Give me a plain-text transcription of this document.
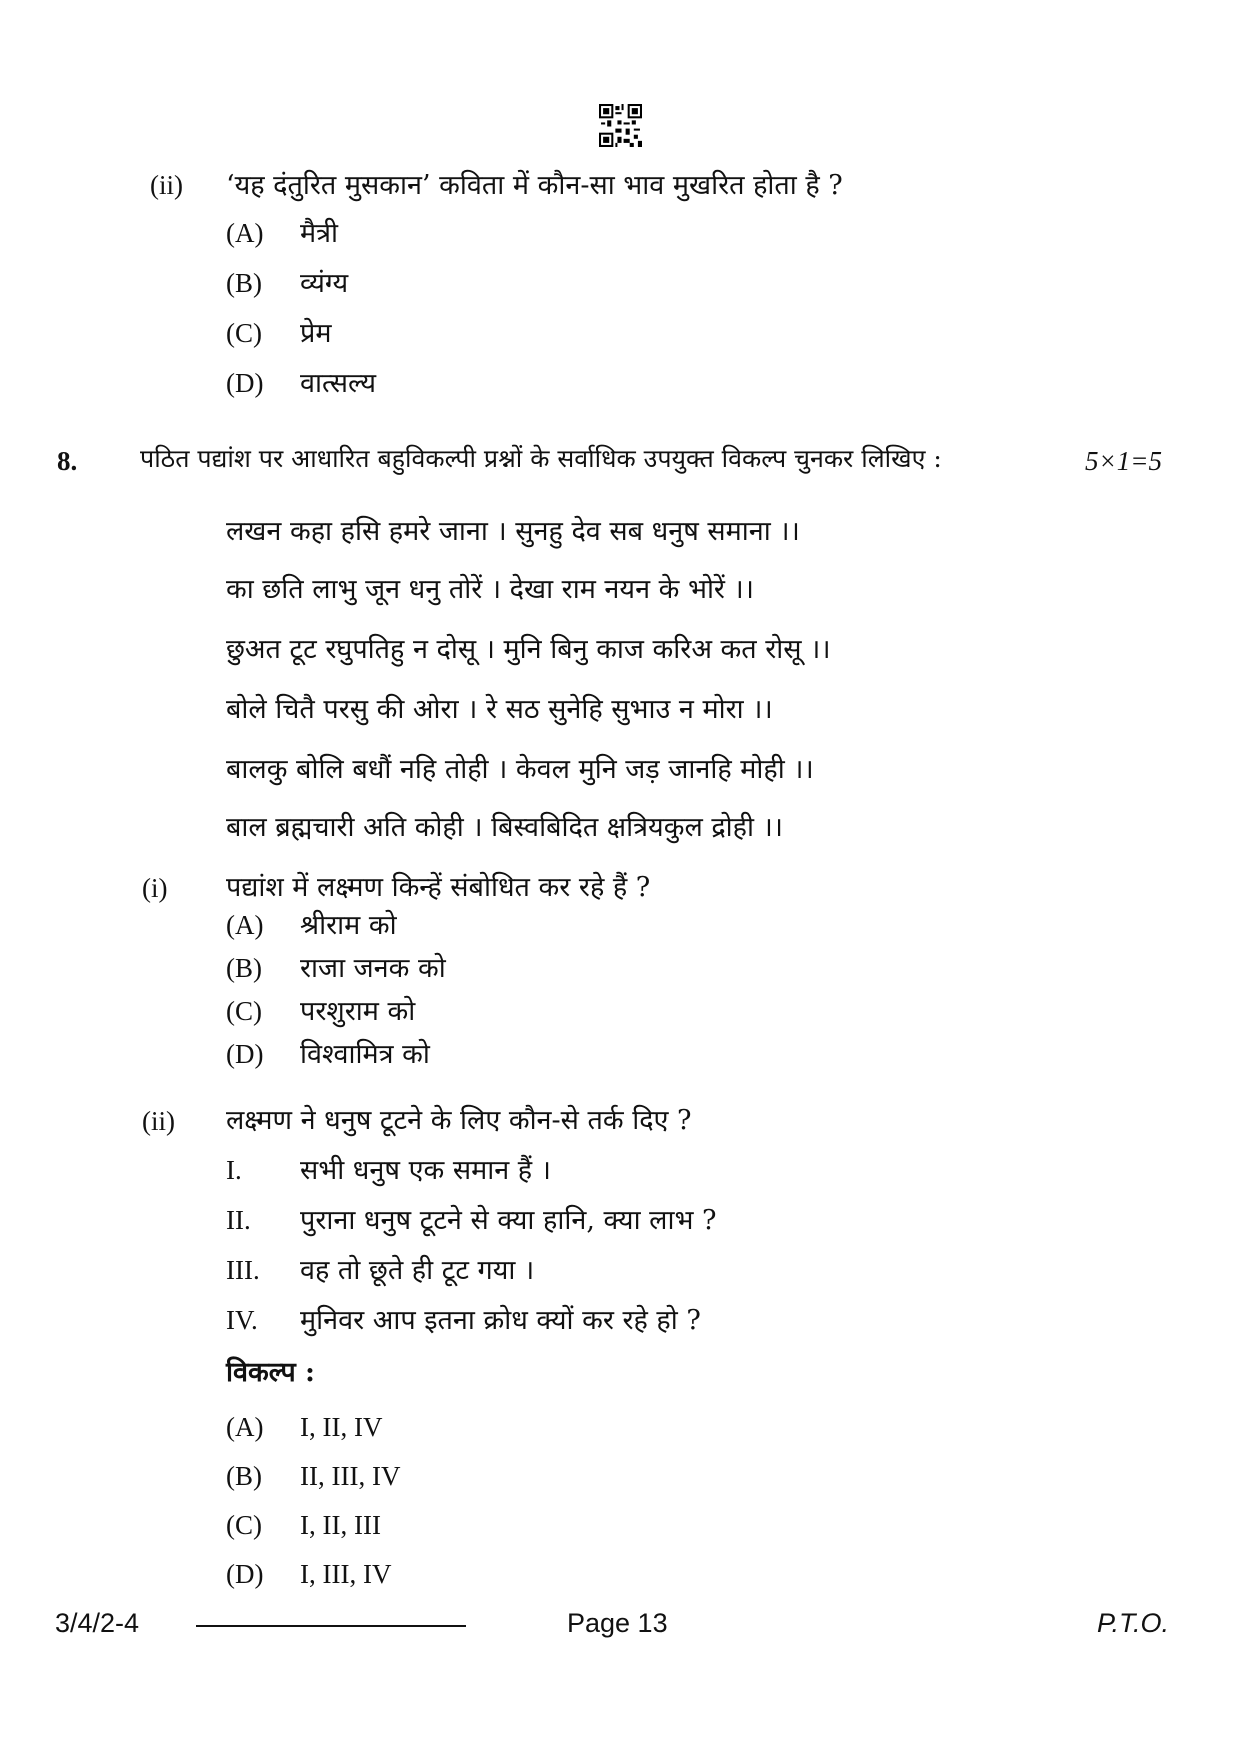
(ii) ‘यह दंतुरित मुसकान’ कविता में कौन-सा भाव मुखरित होता है ?
(A) मैत्री
(B) व्यंग्य
(C) प्रेम
(D) वात्सल्य
8.	पठित पद्यांश पर आधारित बहुविकल्पी प्रश्नों के सर्वाधिक उपयुक्त विकल्प चुनकर लिखिए :	5×1=5
लखन कहा हसि हमरे जाना । सुनहु देव सब धनुष समाना ।।
का छति लाभु जून धनु तोरें । देखा राम नयन के भोरें ।।
छुअत टूट रघुपतिहु न दोसू । मुनि बिनु काज करिअ कत रोसू ।।
बोले चितै परसु की ओरा । रे सठ सुनेहि सुभाउ न मोरा ।।
बालकु बोलि बधौं नहि तोही । केवल मुनि जड़ जानहि मोही ।।
बाल ब्रह्मचारी अति कोही । बिस्वबिदित क्षत्रियकुल द्रोही ।।
(i) पद्यांश में लक्ष्मण किन्हें संबोधित कर रहे हैं ?
(A) श्रीराम को
(B) राजा जनक को
(C) परशुराम को
(D) विश्वामित्र को
(ii) लक्ष्मण ने धनुष टूटने के लिए कौन-से तर्क दिए ?
I. सभी धनुष एक समान हैं ।
II. पुराना धनुष टूटने से क्या हानि, क्या लाभ ?
III. वह तो छूते ही टूट गया ।
IV. मुनिवर आप इतना क्रोध क्यों कर रहे हो ?
विकल्प :
(A) I, II, IV
(B) II, III, IV
(C) I, II, III
(D) I, III, IV
3/4/2-4	Page 13	P.T.O.
